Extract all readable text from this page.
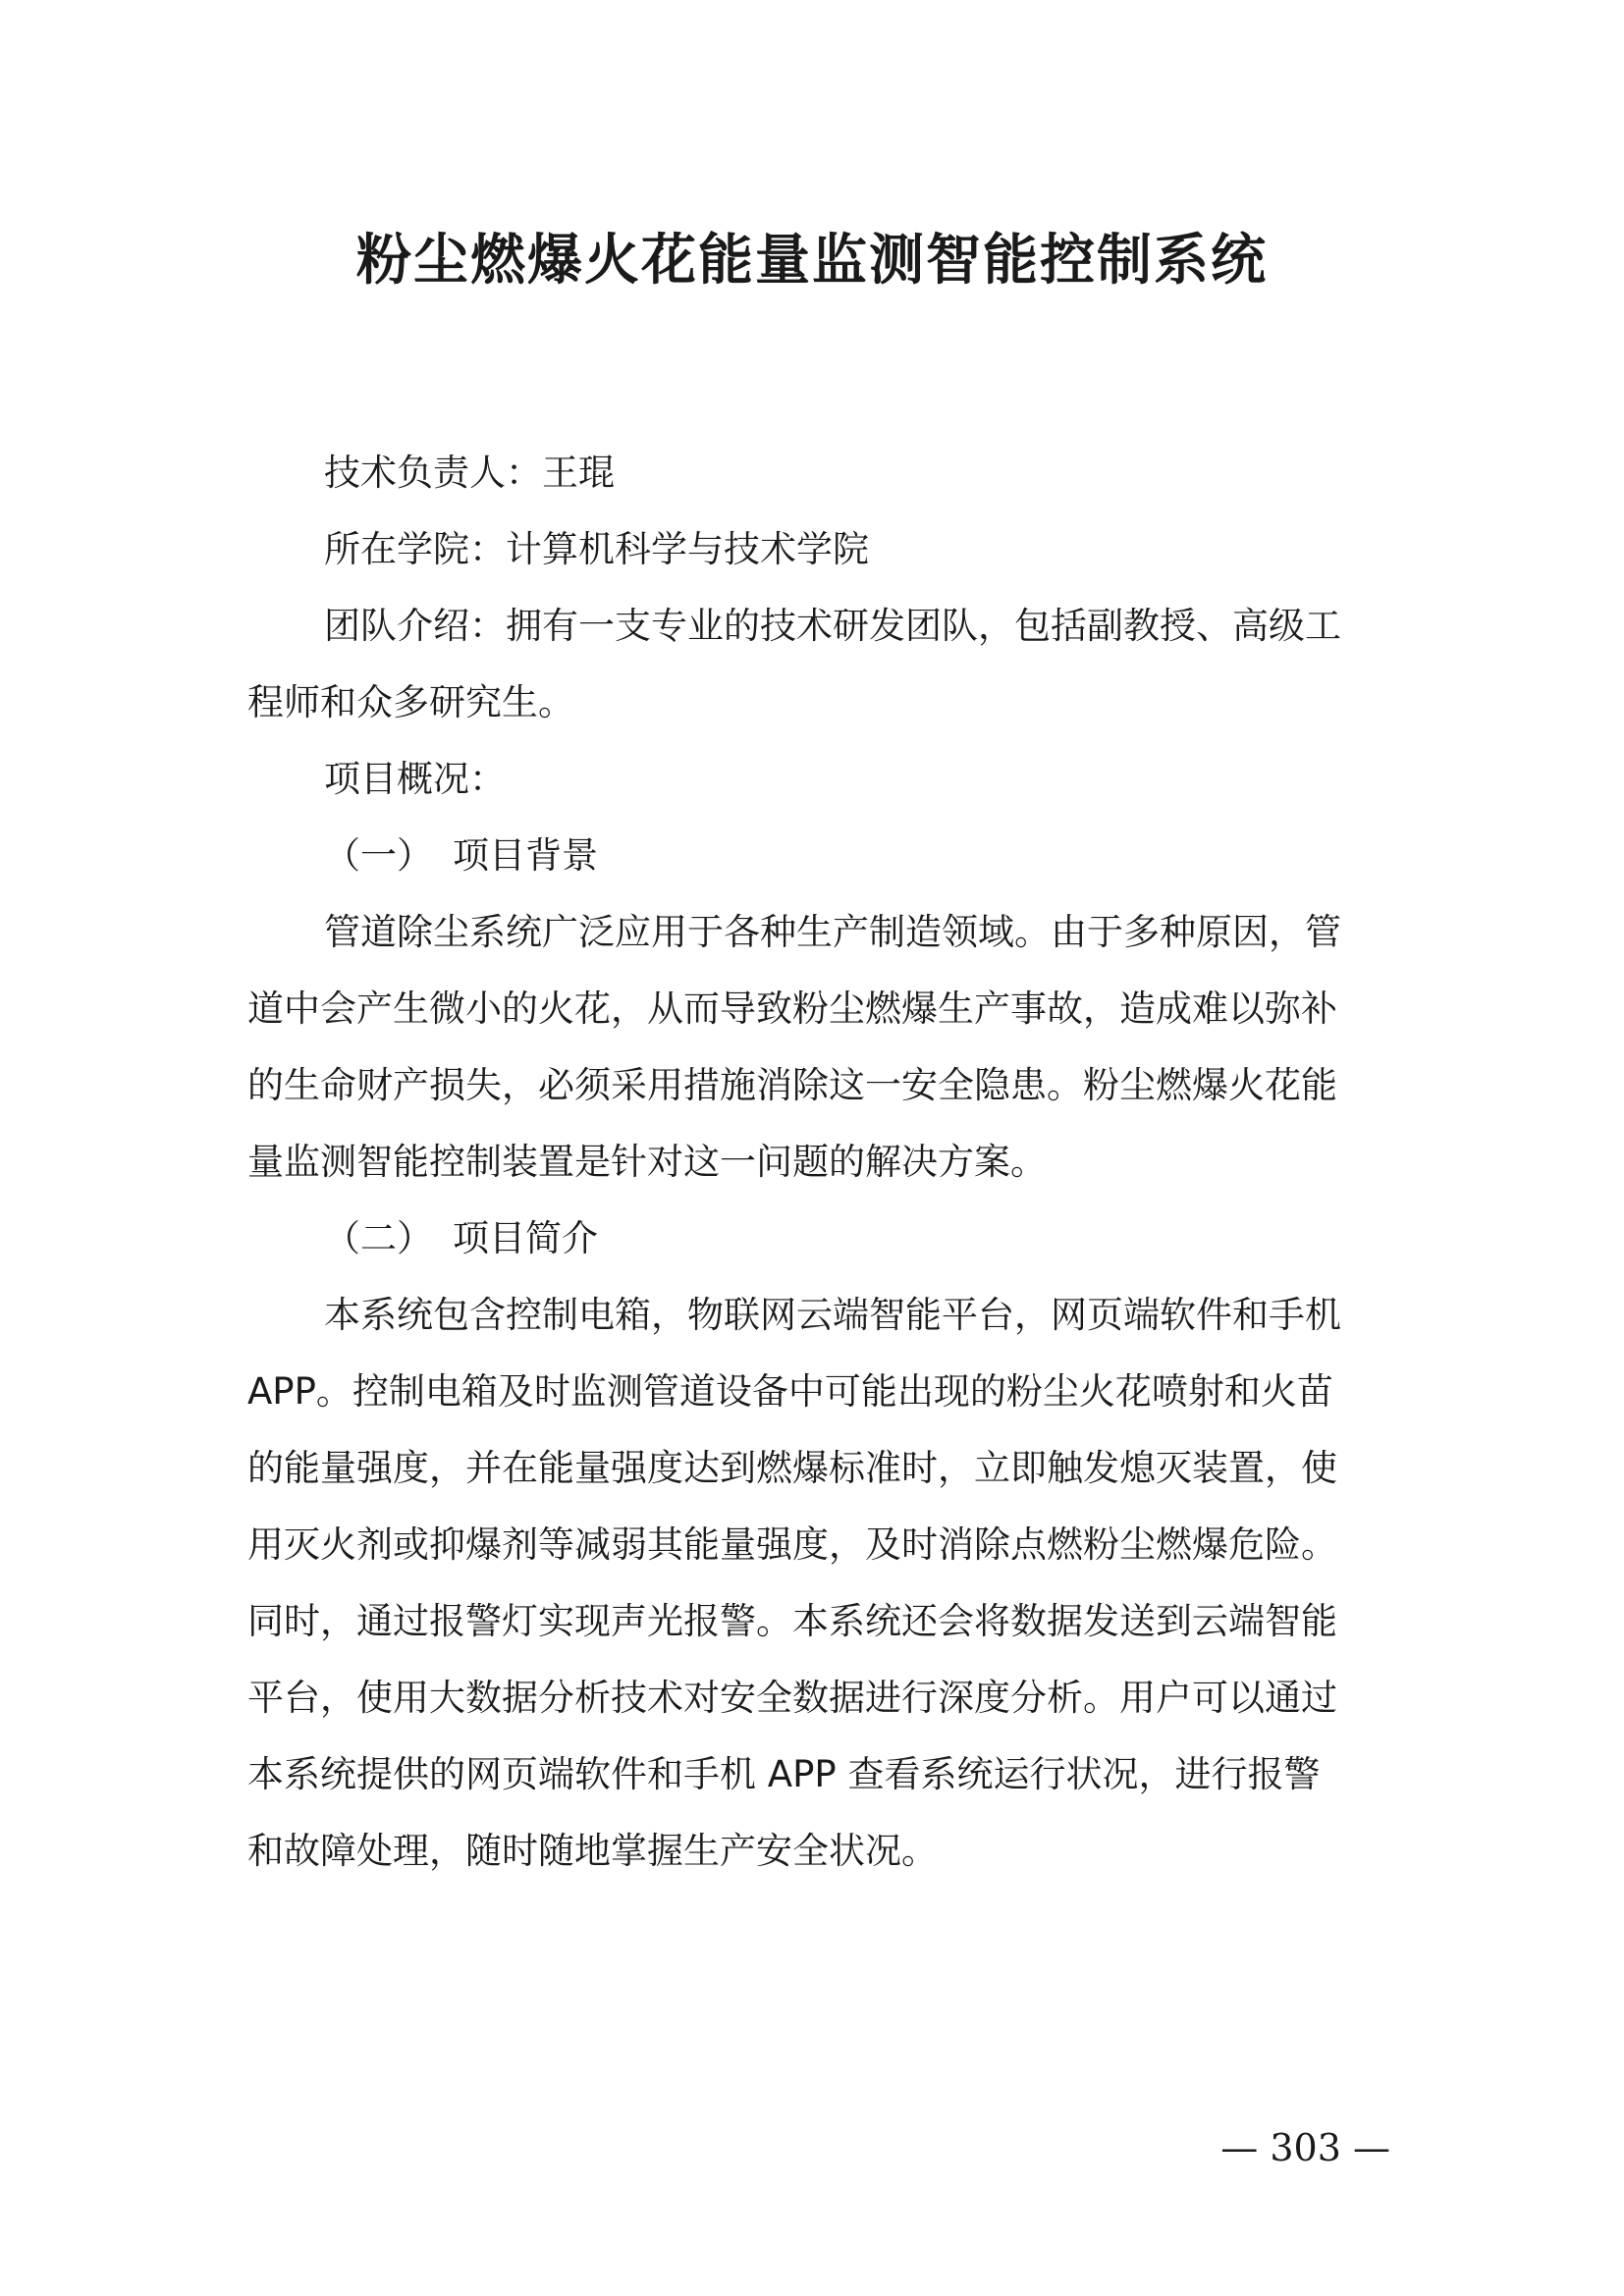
粉尘燃爆火花能量监测智能控制系统
技术负责人：王琨
所在学院：计算机科学与技术学院
团队介绍：拥有一支专业的技术研发团队，包括副教授、高级工
程师和众多研究生。
项目概况：
（一） 项目背景
管道除尘系统广泛应用于各种生产制造领域。由于多种原因，管
道中会产生微小的火花，从而导致粉尘燃爆生产事故，造成难以弥补
的生命财产损失，必须采用措施消除这一安全隐患。粉尘燃爆火花能
量监测智能控制装置是针对这一问题的解决方案。
（二） 项目简介
本系统包含控制电箱，物联网云端智能平台，网页端软件和手机
APP。控制电箱及时监测管道设备中可能出现的粉尘火花喷射和火苗
的能量强度，并在能量强度达到燃爆标准时，立即触发熄灭装置，使
用灭火剂或抑爆剂等减弱其能量强度，及时消除点燃粉尘燃爆危险。
同时，通过报警灯实现声光报警。本系统还会将数据发送到云端智能
平台，使用大数据分析技术对安全数据进行深度分析。用户可以通过
本系统提供的网页端软件和手机 APP 查看系统运行状况，进行报警
和故障处理，随时随地掌握生产安全状况。
— 303 —
